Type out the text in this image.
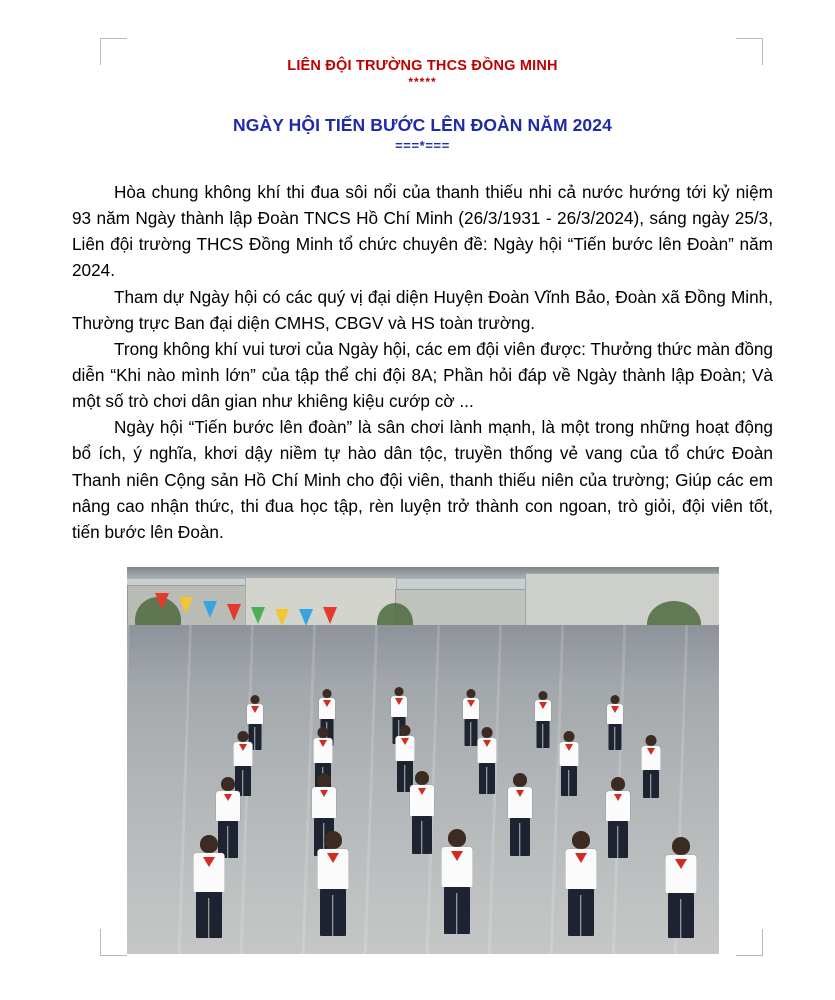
LIÊN ĐỘI TRƯỜNG THCS ĐỒNG MINH
*****
NGÀY HỘI TIẾN BƯỚC LÊN ĐOÀN NĂM 2024
===*===

Hòa chung không khí thi đua sôi nổi của thanh thiếu nhi cả nước hướng tới kỷ niệm 93 năm Ngày thành lập Đoàn TNCS Hồ Chí Minh (26/3/1931 - 26/3/2024), sáng ngày 25/3, Liên đội trường THCS Đồng Minh tổ chức chuyên đề: Ngày hội “Tiến bước lên Đoàn” năm 2024.

Tham dự Ngày hội có các quý vị đại diện Huyện Đoàn Vĩnh Bảo, Đoàn xã Đồng Minh, Thường trực Ban đại diện CMHS, CBGV và HS toàn trường.

Trong không khí vui tươi của Ngày hội, các em đội viên được: Thưởng thức màn đồng diễn “Khi nào mình lớn” của tập thể chi đội 8A; Phần hỏi đáp về Ngày thành lập Đoàn; Và một số trò chơi dân gian như khiêng kiệu cướp cờ ...

Ngày hội “Tiến bước lên đoàn” là sân chơi lành mạnh, là một trong những hoạt động bổ ích, ý nghĩa, khơi dậy niềm tự hào dân tộc, truyền thống vẻ vang của tổ chức Đoàn Thanh niên Cộng sản Hồ Chí Minh cho đội viên, thanh thiếu niên của trường; Giúp các em nâng cao nhận thức, thi đua học tập, rèn luyện trở thành con ngoan, trò giỏi, đội viên tốt, tiến bước lên Đoàn.
